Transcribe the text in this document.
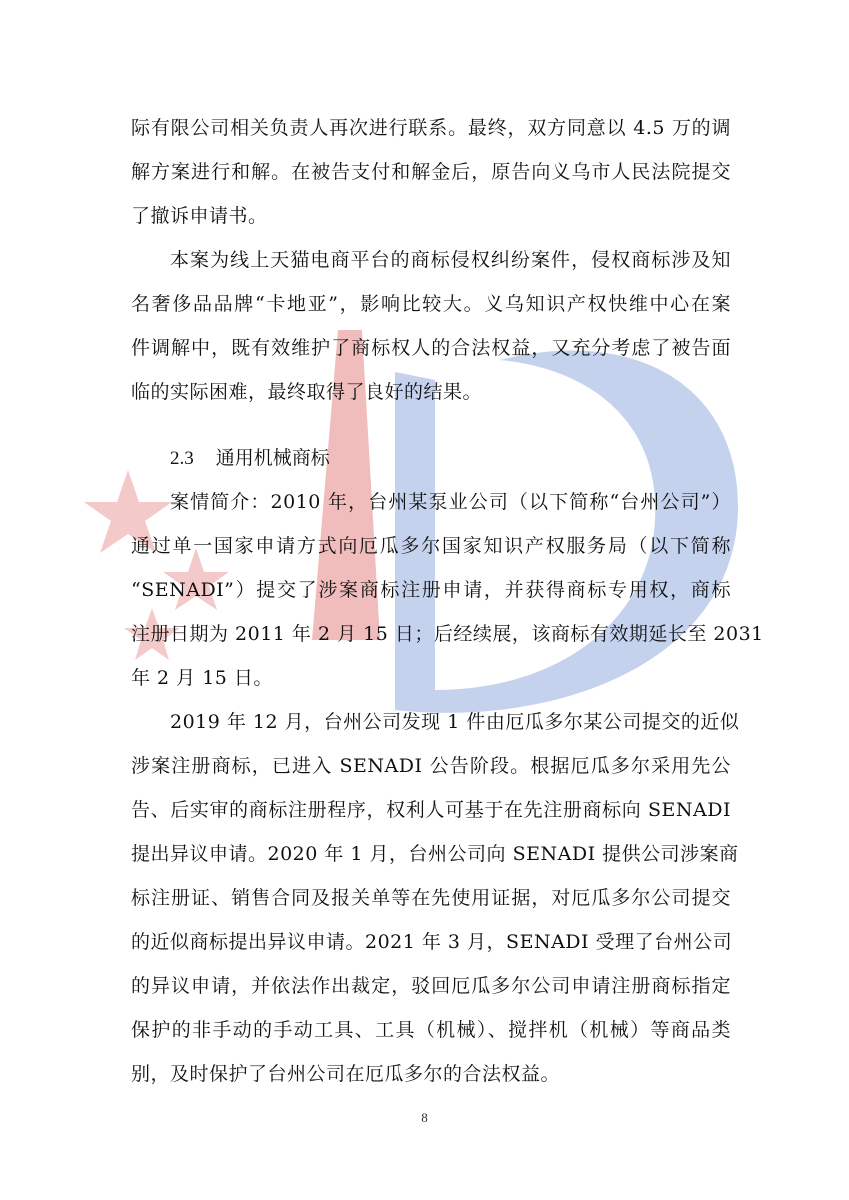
际有限公司相关负责人再次进行联系。最终，双方同意以 4.5 万的调
解方案进行和解。在被告支付和解金后，原告向义乌市人民法院提交
了撤诉申请书。
本案为线上天猫电商平台的商标侵权纠纷案件，侵权商标涉及知
名奢侈品品牌“卡地亚”，影响比较大。义乌知识产权快维中心在案
件调解中，既有效维护了商标权人的合法权益，又充分考虑了被告面
临的实际困难，最终取得了良好的结果。
2.3 通用机械商标
案情简介：2010 年，台州某泵业公司（以下简称“台州公司”）
通过单一国家申请方式向厄瓜多尔国家知识产权服务局（以下简称
“SENADI”）提交了涉案商标注册申请，并获得商标专用权，商标
注册日期为 2011 年 2 月 15 日；后经续展，该商标有效期延长至 2031
年 2 月 15 日。
2019 年 12 月，台州公司发现 1 件由厄瓜多尔某公司提交的近似
涉案注册商标，已进入 SENADI 公告阶段。根据厄瓜多尔采用先公
告、后实审的商标注册程序，权利人可基于在先注册商标向 SENADI
提出异议申请。2020 年 1 月，台州公司向 SENADI 提供公司涉案商
标注册证、销售合同及报关单等在先使用证据，对厄瓜多尔公司提交
的近似商标提出异议申请。2021 年 3 月，SENADI 受理了台州公司
的异议申请，并依法作出裁定，驳回厄瓜多尔公司申请注册商标指定
保护的非手动的手动工具、工具（机械）、搅拌机（机械）等商品类
别，及时保护了台州公司在厄瓜多尔的合法权益。
8
